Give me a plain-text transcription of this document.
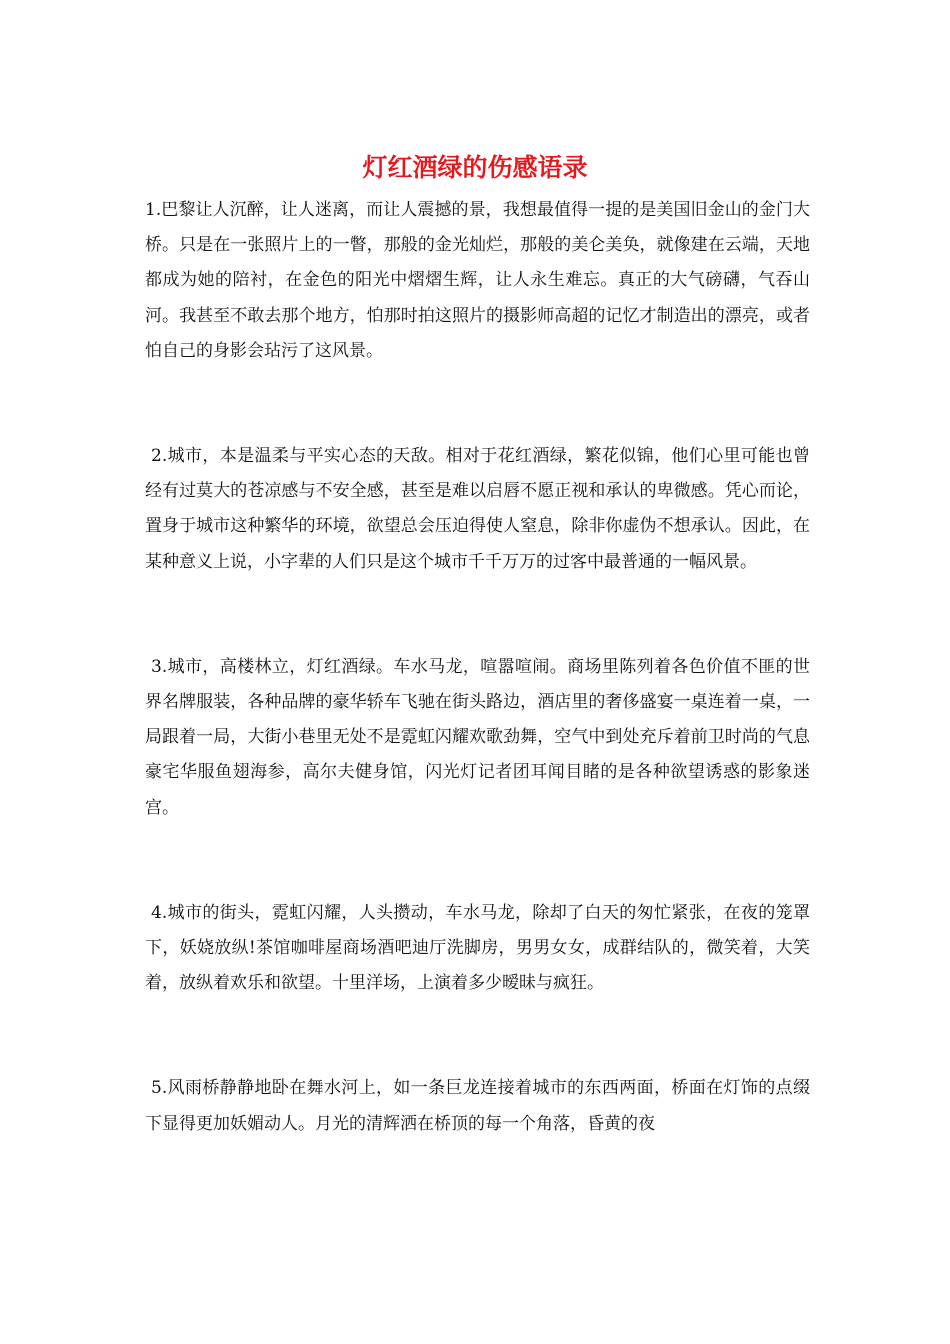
灯红酒绿的伤感语录

1.巴黎让人沉醉，让人迷离，而让人震撼的景，我想最值得一提的是美国旧金山的金门大桥。只是在一张照片上的一瞥，那般的金光灿烂，那般的美仑美奂，就像建在云端，天地都成为她的陪衬，在金色的阳光中熠熠生辉，让人永生难忘。真正的大气磅礴，气吞山河。我甚至不敢去那个地方，怕那时拍这照片的摄影师高超的记忆才制造出的漂亮，或者怕自己的身影会玷污了这风景。

2.城市，本是温柔与平实心态的天敌。相对于花红酒绿，繁花似锦，他们心里可能也曾经有过莫大的苍凉感与不安全感，甚至是难以启唇不愿正视和承认的卑微感。凭心而论，置身于城市这种繁华的环境，欲望总会压迫得使人窒息，除非你虚伪不想承认。因此，在某种意义上说，小字辈的人们只是这个城市千千万万的过客中最普通的一幅风景。

3.城市，高楼林立，灯红酒绿。车水马龙，喧嚣喧闹。商场里陈列着各色价值不匪的世界名牌服装，各种品牌的豪华轿车飞驰在街头路边，酒店里的奢侈盛宴一桌连着一桌，一局跟着一局，大街小巷里无处不是霓虹闪耀欢歌劲舞，空气中到处充斥着前卫时尚的气息豪宅华服鱼翅海参，高尔夫健身馆，闪光灯记者团耳闻目睹的是各种欲望诱惑的影象迷宫。

4.城市的街头，霓虹闪耀，人头攒动，车水马龙，除却了白天的匆忙紧张，在夜的笼罩下，妖娆放纵!茶馆咖啡屋商场酒吧迪厅洗脚房，男男女女，成群结队的，微笑着，大笑着，放纵着欢乐和欲望。十里洋场，上演着多少暧昧与疯狂。

5.风雨桥静静地卧在舞水河上，如一条巨龙连接着城市的东西两面，桥面在灯饰的点缀下显得更加妖媚动人。月光的清辉洒在桥顶的每一个角落，昏黄的夜
